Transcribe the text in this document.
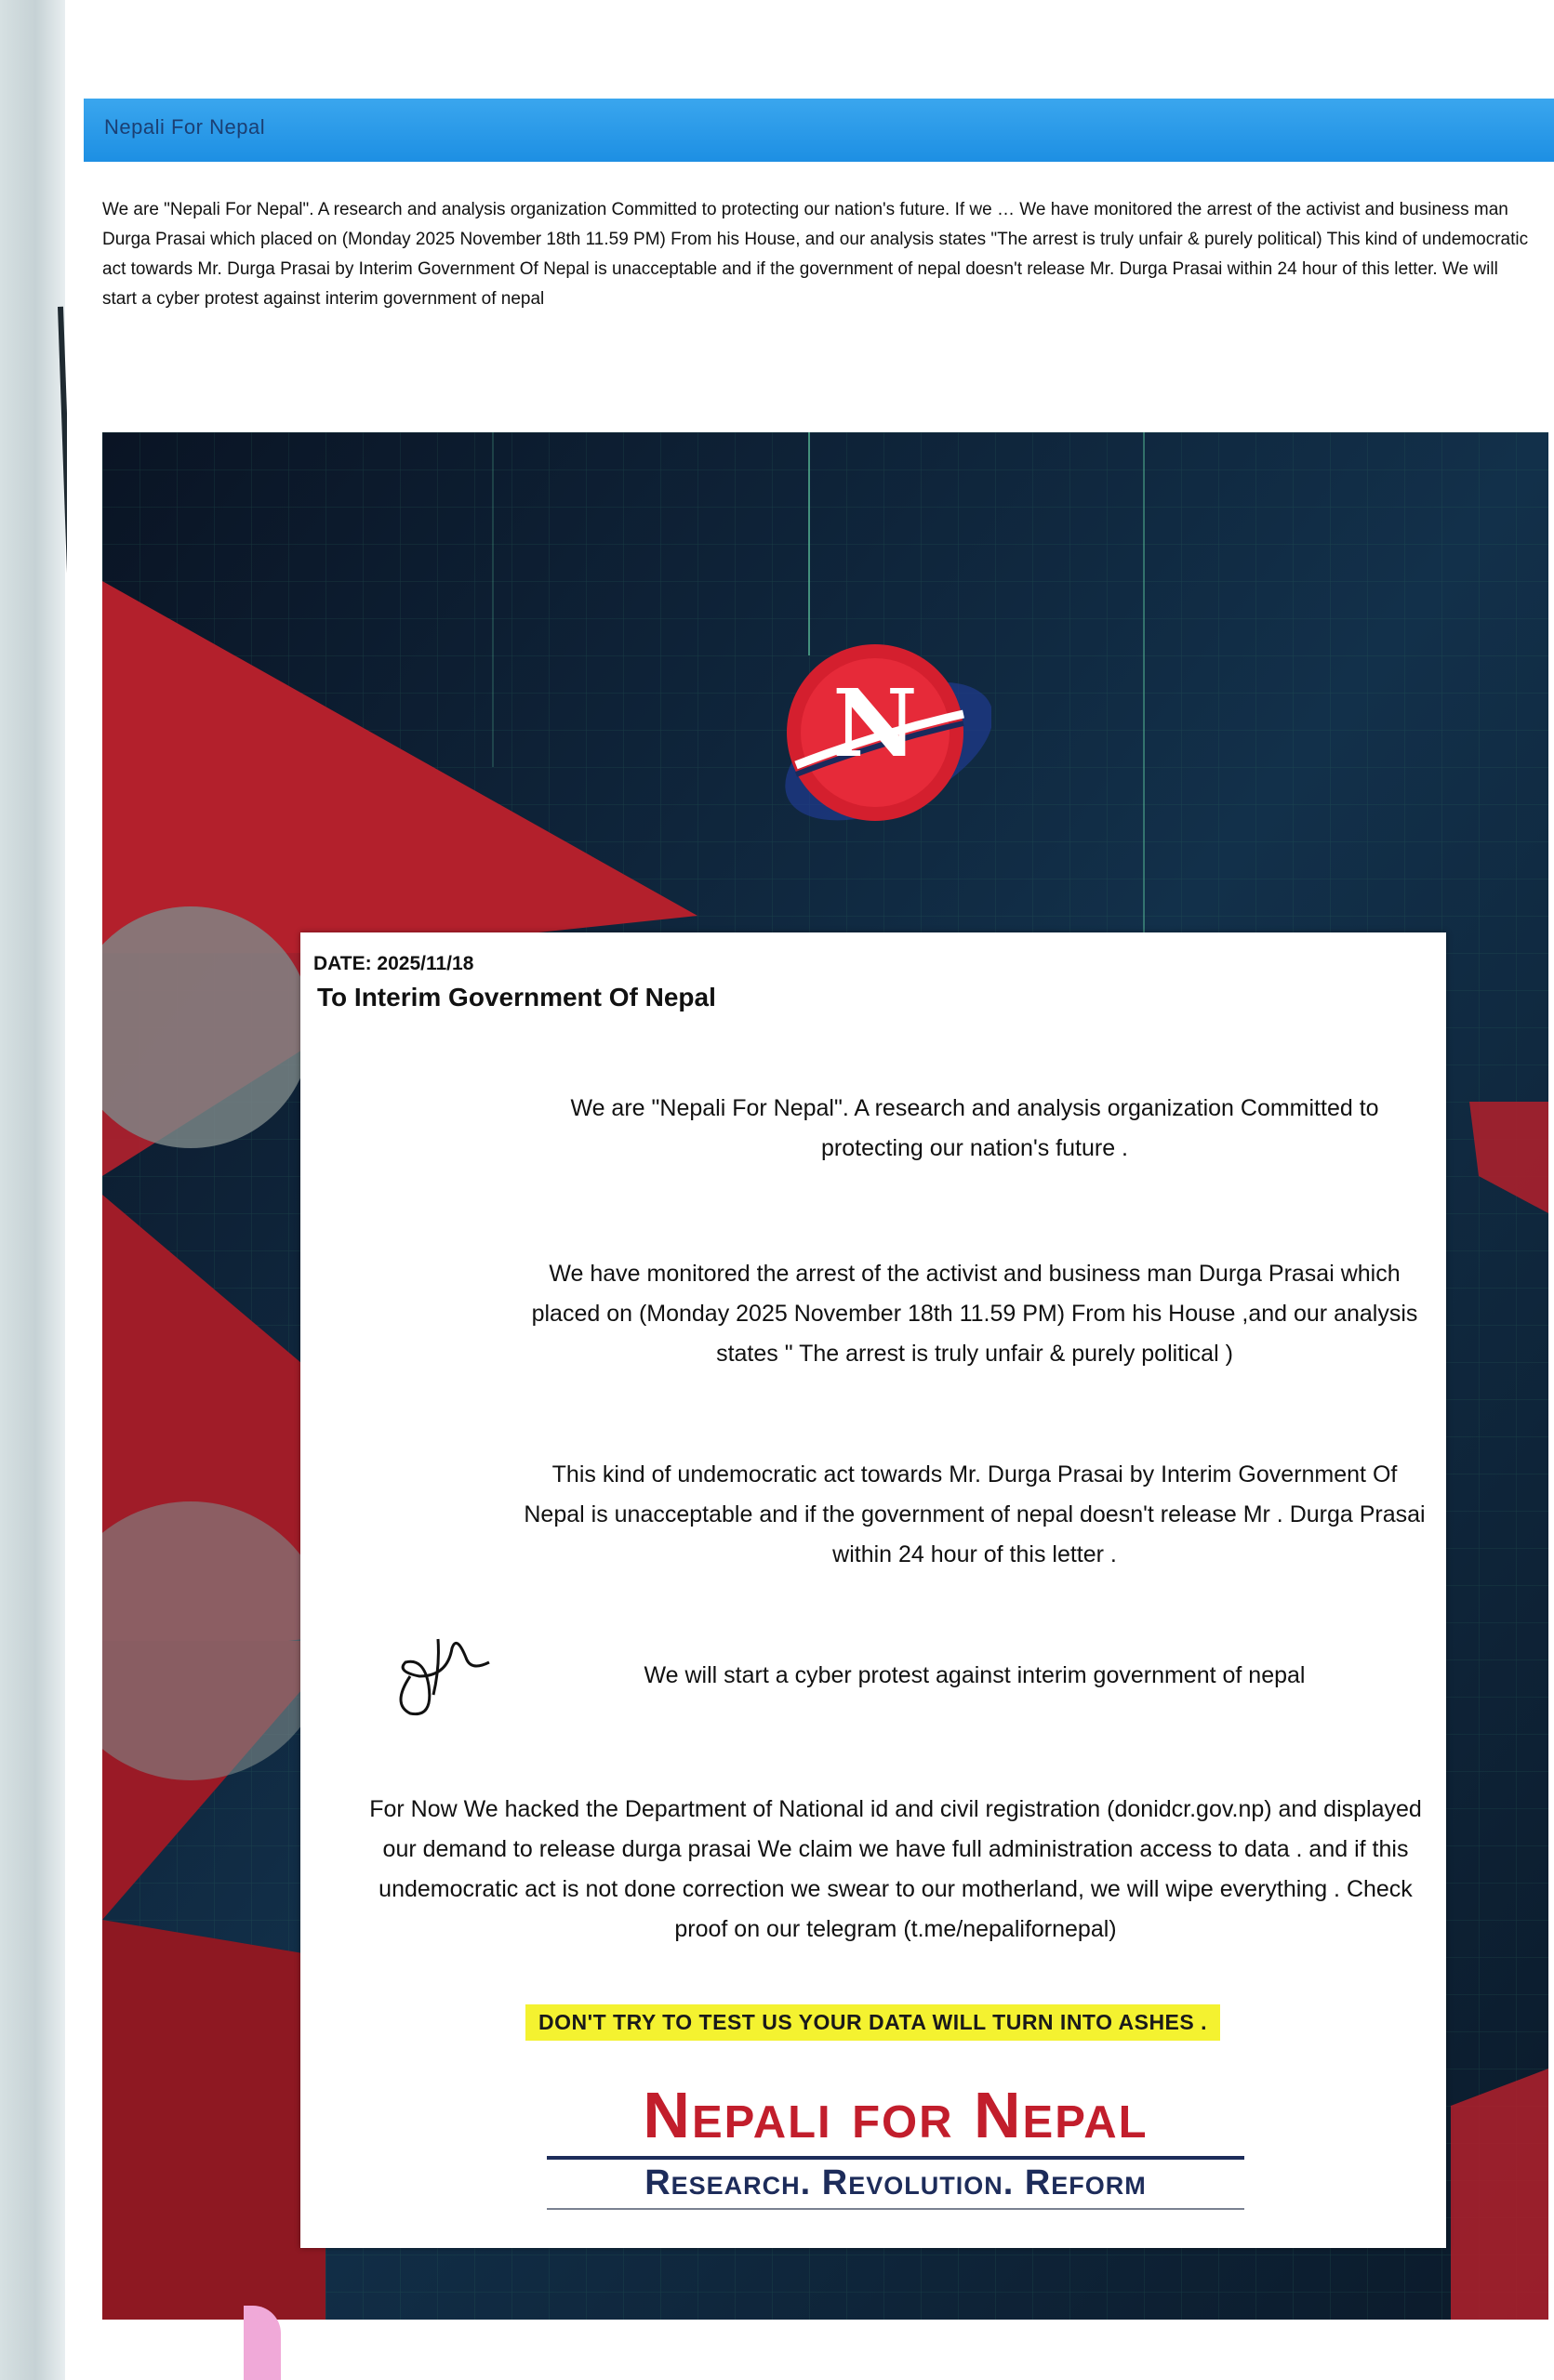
Nepali For Nepal
We are "Nepali For Nepal". A research and analysis organization Committed to protecting our nation's future. If we … We have monitored the arrest of the activist and business man Durga Prasai which placed on (Monday 2025 November 18th 11.59 PM) From his House, and our analysis states "The arrest is truly unfair & purely political) This kind of undemocratic act towards Mr. Durga Prasai by Interim Government Of Nepal is unacceptable and if the government of nepal doesn't release Mr. Durga Prasai within 24 hour of this letter. We will start a cyber protest against interim government of nepal
N
DATE: 2025/11/18
To Interim Government Of Nepal
We are "Nepali For Nepal". A research and analysis organization Committed to protecting our nation's future .
We have monitored the arrest of the activist and business man Durga Prasai which placed on (Monday 2025 November 18th 11.59 PM) From his House ,and our analysis states " The arrest is truly unfair & purely political )
This kind of undemocratic act towards Mr. Durga Prasai by Interim Government Of Nepal is unacceptable and if the government of nepal doesn't release Mr . Durga Prasai within 24 hour of this letter .
We will start a cyber protest against interim government of nepal
For Now We hacked the Department of National id and civil registration (donidcr.gov.np) and displayed our demand to release durga prasai We claim we have full administration access to data . and if this undemocratic act is not done correction we swear to our motherland, we will wipe everything . Check proof on our telegram (t.me/nepalifornepal)
DON'T TRY TO TEST US YOUR DATA WILL TURN INTO ASHES .
Nepali for Nepal
Research. Revolution. Reform
